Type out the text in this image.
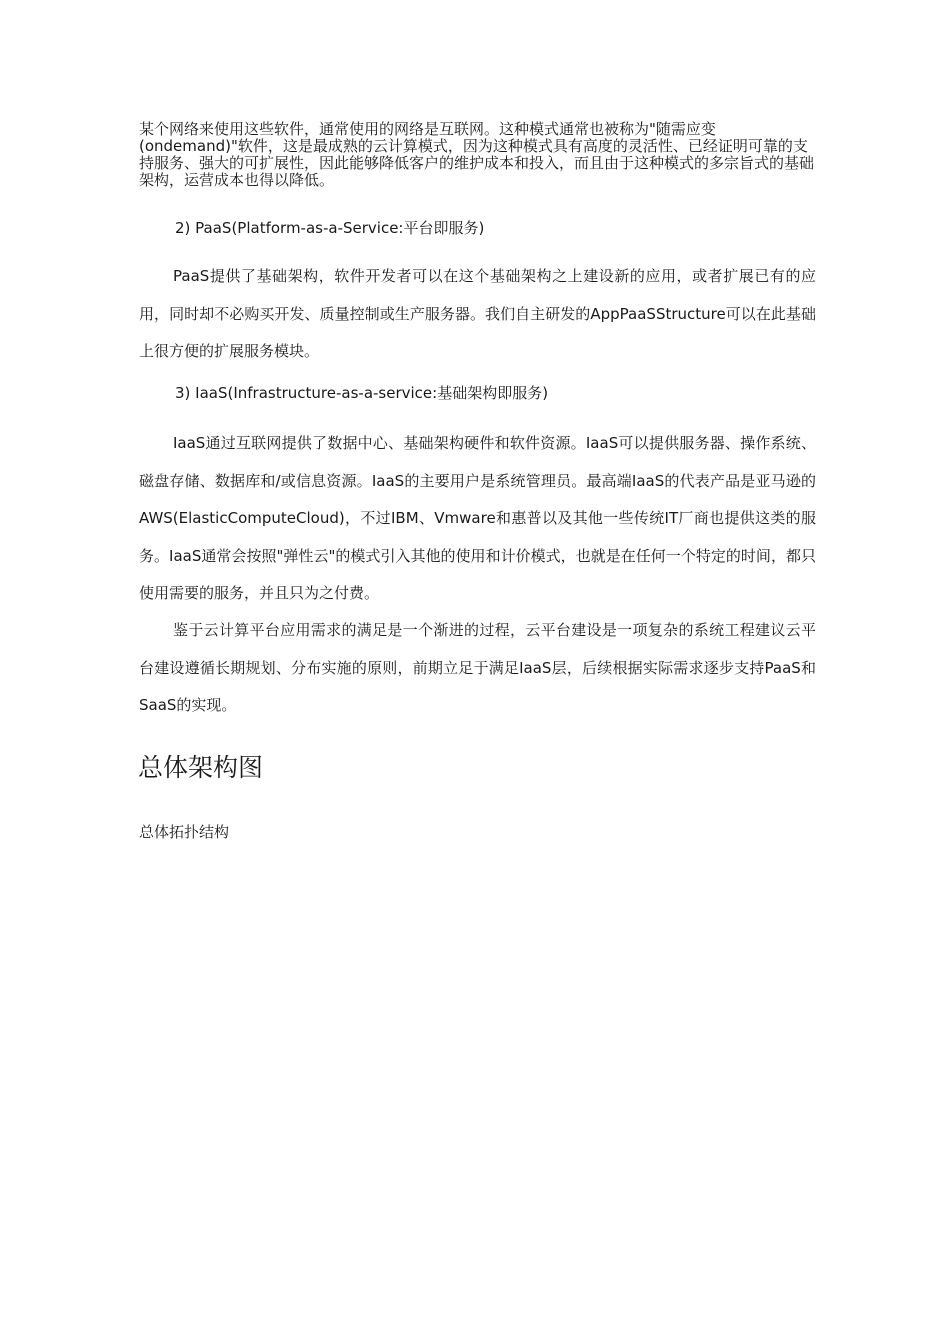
某个网络来使用这些软件，通常使用的网络是互联网。这种模式通常也被称为"随需应变(ondemand)"软件，这是最成熟的云计算模式，因为这种模式具有高度的灵活性、已经证明可靠的支持服务、强大的可扩展性，因此能够降低客户的维护成本和投入，而且由于这种模式的多宗旨式的基础架构，运营成本也得以降低。

2) PaaS(Platform-as-a-Service:平台即服务)

PaaS提供了基础架构，软件开发者可以在这个基础架构之上建设新的应用，或者扩展已有的应用，同时却不必购买开发、质量控制或生产服务器。我们自主研发的AppPaaSStructure可以在此基础上很方便的扩展服务模块。

3) IaaS(Infrastructure-as-a-service:基础架构即服务)

IaaS通过互联网提供了数据中心、基础架构硬件和软件资源。IaaS可以提供服务器、操作系统、磁盘存储、数据库和/或信息资源。IaaS的主要用户是系统管理员。最高端IaaS的代表产品是亚马逊的AWS(ElasticComputeCloud)，不过IBM、Vmware和惠普以及其他一些传统IT厂商也提供这类的服务。IaaS通常会按照"弹性云"的模式引入其他的使用和计价模式，也就是在任何一个特定的时间，都只使用需要的服务，并且只为之付费。

鉴于云计算平台应用需求的满足是一个渐进的过程，云平台建设是一项复杂的系统工程建议云平台建设遵循长期规划、分布实施的原则，前期立足于满足IaaS层，后续根据实际需求逐步支持PaaS和SaaS的实现。

总体架构图
总体拓扑结构
